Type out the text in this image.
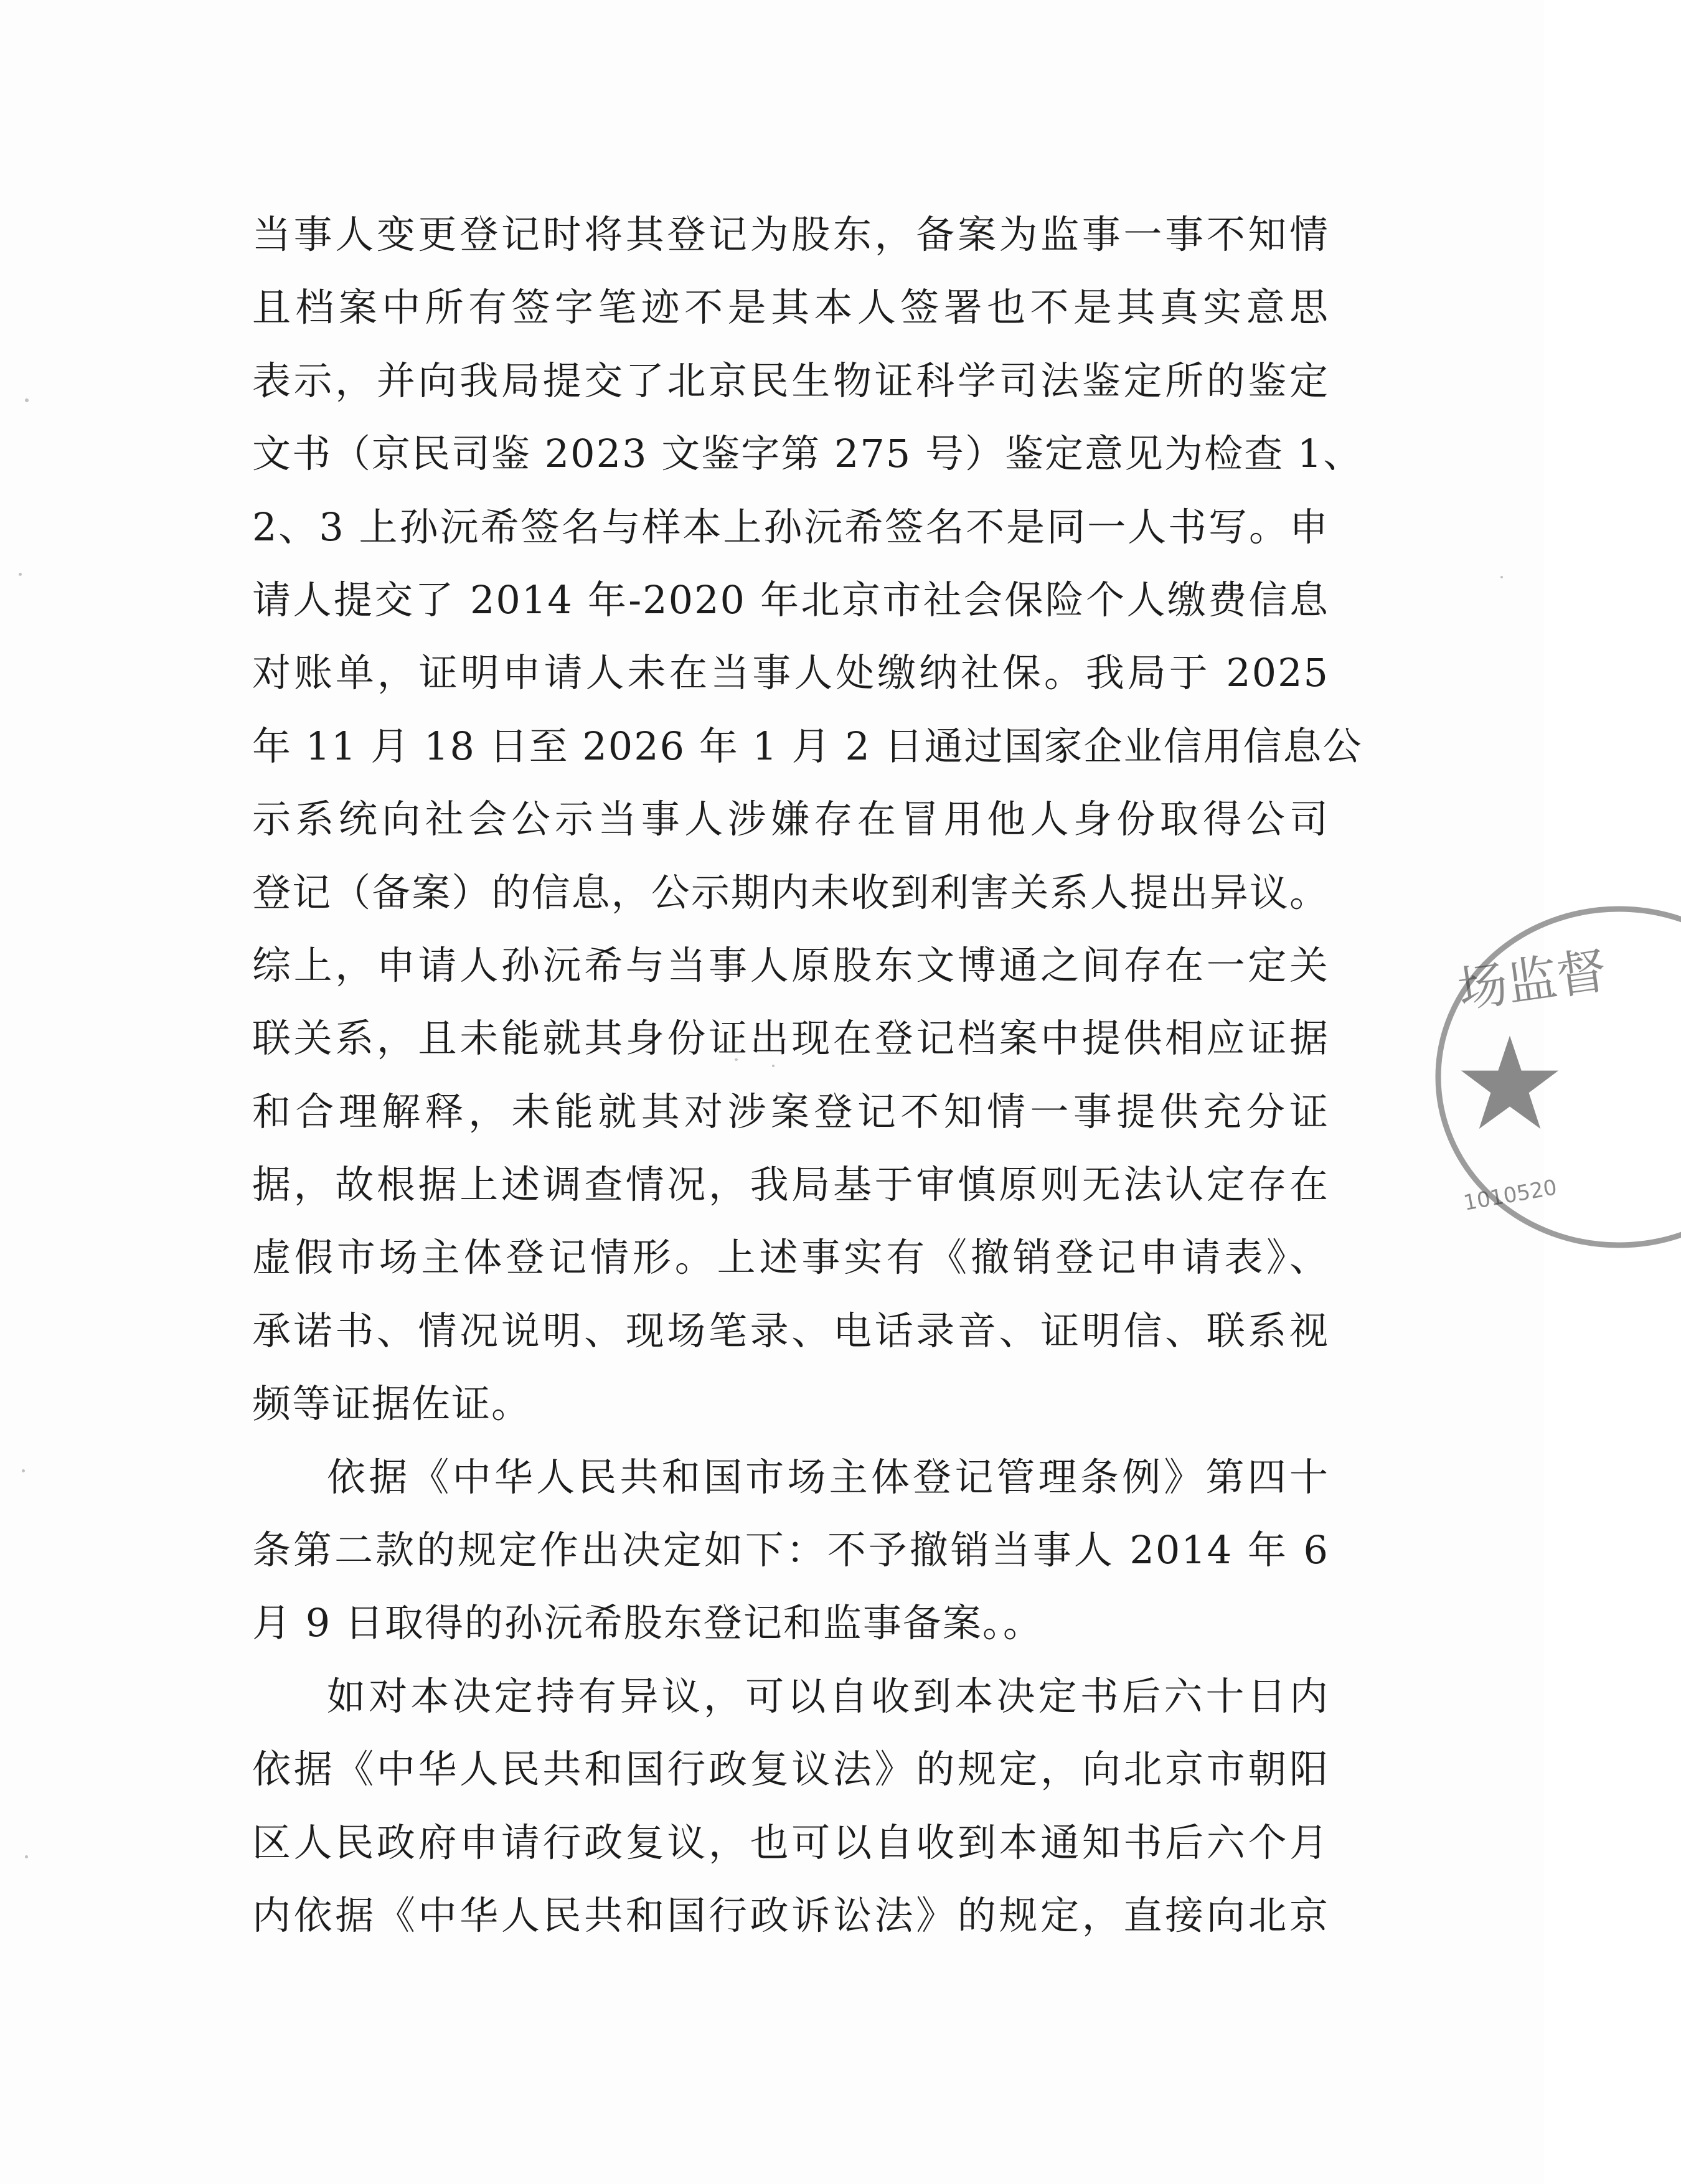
当事人变更登记时将其登记为股东，备案为监事一事不知情
且档案中所有签字笔迹不是其本人签署也不是其真实意思
表示，并向我局提交了北京民生物证科学司法鉴定所的鉴定
文书（京民司鉴 2023 文鉴字第 275 号）鉴定意见为检查 1、
2、3 上孙沅希签名与样本上孙沅希签名不是同一人书写。申
请人提交了 2014 年-2020 年北京市社会保险个人缴费信息
对账单，证明申请人未在当事人处缴纳社保。我局于 2025
年 11 月 18 日至 2026 年 1 月 2 日通过国家企业信用信息公
示系统向社会公示当事人涉嫌存在冒用他人身份取得公司
登记（备案）的信息，公示期内未收到利害关系人提出异议。
综上，申请人孙沅希与当事人原股东文博通之间存在一定关
联关系，且未能就其身份证出现在登记档案中提供相应证据
和合理解释，未能就其对涉案登记不知情一事提供充分证
据，故根据上述调查情况，我局基于审慎原则无法认定存在
虚假市场主体登记情形。上述事实有《撤销登记申请表》、
承诺书、情况说明、现场笔录、电话录音、证明信、联系视
频等证据佐证。
依据《中华人民共和国市场主体登记管理条例》第四十
条第二款的规定作出决定如下：不予撤销当事人 2014 年 6
月 9 日取得的孙沅希股东登记和监事备案。。
如对本决定持有异议，可以自收到本决定书后六十日内
依据《中华人民共和国行政复议法》的规定，向北京市朝阳
区人民政府申请行政复议，也可以自收到本通知书后六个月
内依据《中华人民共和国行政诉讼法》的规定，直接向北京
场监督
1010520
